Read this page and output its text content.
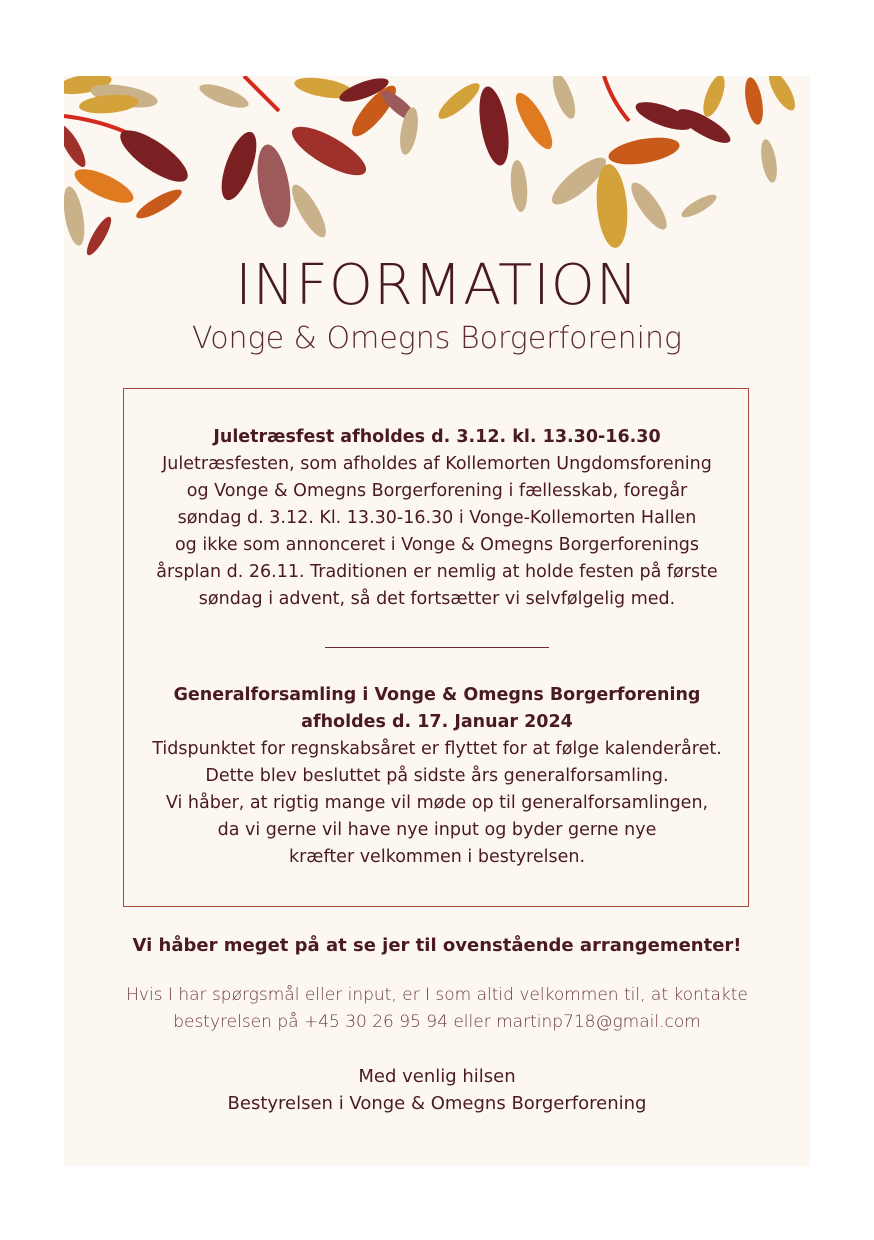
INFORMATION
Vonge & Omegns Borgerforening
Juletræsfest afholdes d. 3.12. kl. 13.30-16.30
Juletræsfesten, som afholdes af Kollemorten Ungdomsforening
og Vonge & Omegns Borgerforening i fællesskab, foregår
søndag d. 3.12. Kl. 13.30-16.30 i Vonge-Kollemorten Hallen
og ikke som annonceret i Vonge & Omegns Borgerforenings
årsplan d. 26.11. Traditionen er nemlig at holde festen på første
søndag i advent, så det fortsætter vi selvfølgelig med.
Generalforsamling i Vonge & Omegns Borgerforening
afholdes d. 17. Januar 2024
Tidspunktet for regnskabsåret er flyttet for at følge kalenderåret.
Dette blev besluttet på sidste års generalforsamling.
Vi håber, at rigtig mange vil møde op til generalforsamlingen,
da vi gerne vil have nye input og byder gerne nye
kræfter velkommen i bestyrelsen.
Vi håber meget på at se jer til ovenstående arrangementer!
Hvis I har spørgsmål eller input, er I som altid velkommen til, at kontakte
bestyrelsen på +45 30 26 95 94 eller martinp718@gmail.com
Med venlig hilsen
Bestyrelsen i Vonge & Omegns Borgerforening
